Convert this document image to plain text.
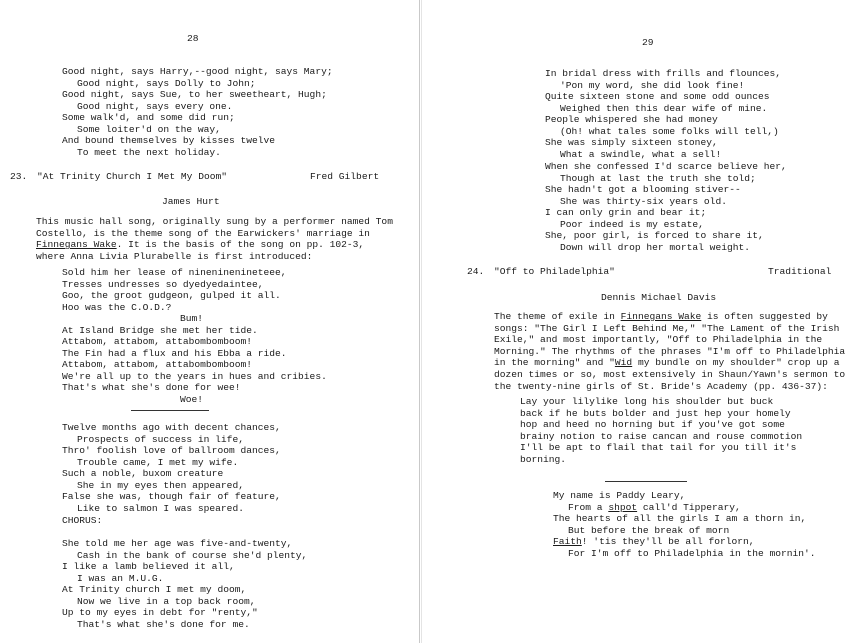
28
Good night, says Harry,--good night, says Mary;
Good night, says Dolly to John;
Good night, says Sue, to her sweetheart, Hugh;
Good night, says every one.
Some walk'd, and some did run;
Some loiter'd on the way,
And bound themselves by kisses twelve
To meet the next holiday.
23. "At Trinity Church I Met My Doom"	Fred Gilbert
James Hurt
This music hall song, originally sung by a performer named Tom
Costello, is the theme song of the Earwickers' marriage in
Finnegans Wake. It is the basis of the song on pp. 102-3,
where Anna Livia Plurabelle is first introduced:
Sold him her lease of nineninenineteee,
Tresses undresses so dyedyedaintee,
Goo, the groot gudgeon, gulped it all.
Hoo was the C.O.D.?
Bum!
At Island Bridge she met her tide.
Attabom, attabom, attabombomboom!
The Fin had a flux and his Ebba a ride.
Attabom, attabom, attabombomboom!
We're all up to the years in hues and cribies.
That's what she's done for wee!
Woe!
Twelve months ago with decent chances,
Prospects of success in life,
Thro' foolish love of ballroom dances,
Trouble came, I met my wife.
Such a noble, buxom creature
She in my eyes then appeared,
False she was, though fair of feature,
Like to salmon I was speared.
CHORUS:
She told me her age was five-and-twenty,
Cash in the bank of course she'd plenty,
I like a lamb believed it all,
I was an M.U.G.
At Trinity church I met my doom,
Now we live in a top back room,
Up to my eyes in debt for "renty,"
That's what she's done for me.
29
In bridal dress with frills and flounces,
'Pon my word, she did look fine!
Quite sixteen stone and some odd ounces
Weighed then this dear wife of mine.
People whispered she had money
(Oh! what tales some folks will tell,)
She was simply sixteen stoney,
What a swindle, what a sell!
When she confessed I'd scarce believe her,
Though at last the truth she told;
She hadn't got a blooming stiver--
She was thirty-six years old.
I can only grin and bear it;
Poor indeed is my estate,
She, poor girl, is forced to share it,
Down will drop her mortal weight.
24. "Off to Philadelphia"	Traditional
Dennis Michael Davis
The theme of exile in Finnegans Wake is often suggested by
songs: "The Girl I Left Behind Me," "The Lament of the Irish
Exile," and most importantly, "Off to Philadelphia in the
Morning." The rhythms of the phrases "I'm off to Philadelphia
in the morning" and "Wid my bundle on my shoulder" crop up a
dozen times or so, most extensively in Shaun/Yawn's sermon to
the twenty-nine girls of St. Bride's Academy (pp. 436-37):
Lay your lilylike long his shoulder but buck
back if he buts bolder and just hep your homely
hop and heed no horning but if you've got some
brainy notion to raise cancan and rouse commotion
I'll be apt to flail that tail for you till it's
borning.
My name is Paddy Leary,
From a shpot call'd Tipperary,
The hearts of all the girls I am a thorn in,
But before the break of morn
Faith! 'tis they'll be all forlorn,
For I'm off to Philadelphia in the mornin'.
